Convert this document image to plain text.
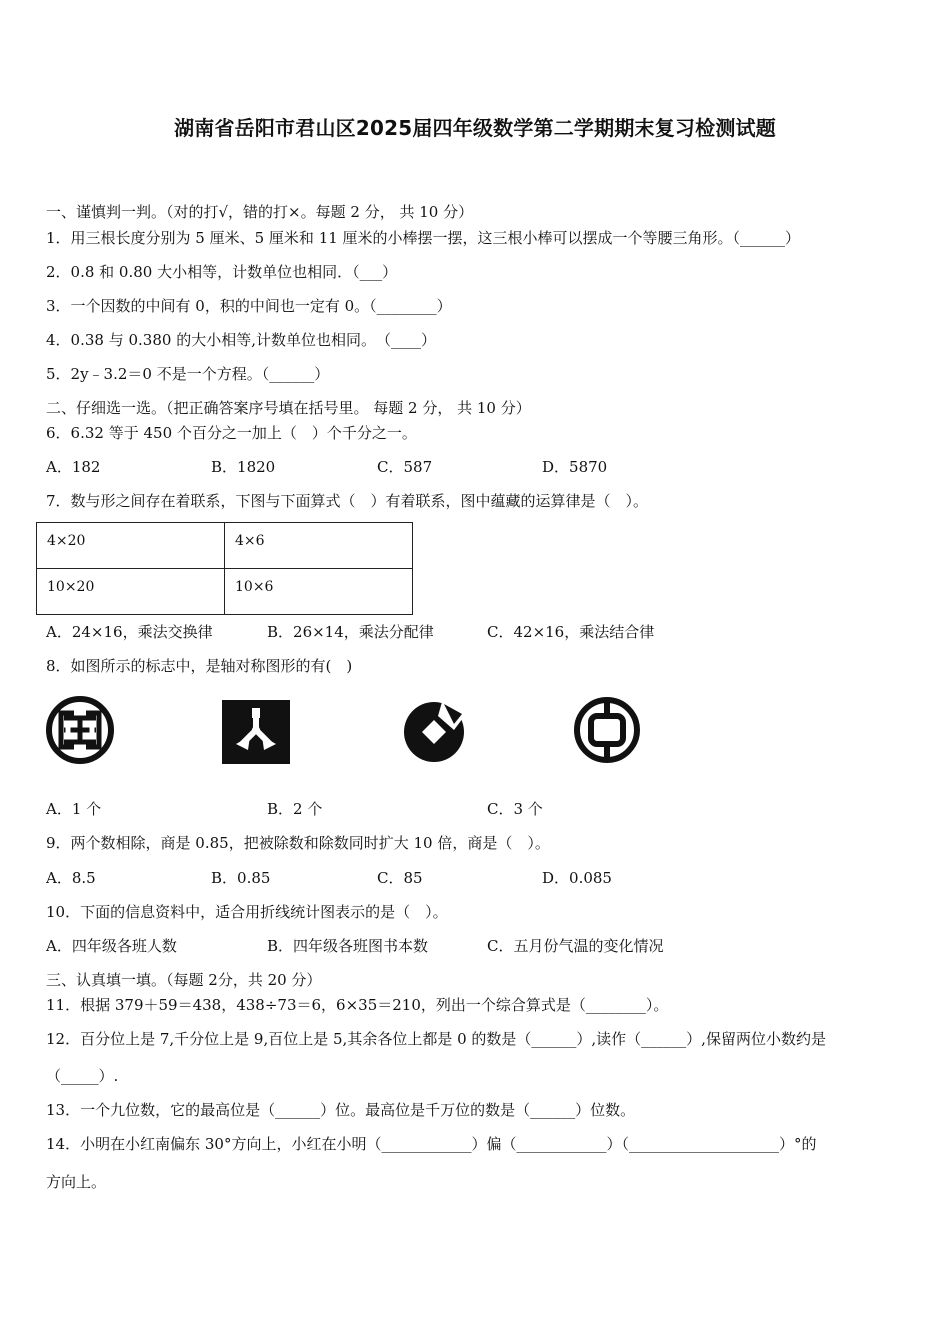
湖南省岳阳市君山区2025届四年级数学第二学期期末复习检测试题
一、谨慎判一判。（对的打√，错的打×。每题 2 分， 共 10 分）
1．用三根长度分别为 5 厘米、5 厘米和 11 厘米的小棒摆一摆，这三根小棒可以摆成一个等腰三角形。（______）
2．0.8 和 0.80 大小相等，计数单位也相同．（___）
3．一个因数的中间有 0，积的中间也一定有 0。（________）
4．0.38 与 0.380 的大小相等,计数单位也相同。　（____）
5．2y﹣3.2＝0 不是一个方程。（______）
二、仔细选一选。（把正确答案序号填在括号里。 每题 2 分， 共 10 分）
6．6.32 等于 450 个百分之一加上（　）个千分之一。
A．182	B．1820	C．587	D．5870
7．数与形之间存在着联系，下图与下面算式（　）有着联系，图中蕴藏的运算律是（　）。
4×20	4×6
10×20	10×6
A．24×16，乘法交换律	B．26×14，乘法分配律	C．42×16，乘法结合律
8．如图所示的标志中，是轴对称图形的有(　)
A．1 个	B．2 个	C．3 个
9．两个数相除，商是 0.85，把被除数和除数同时扩大 10 倍，商是（　）。
A．8.5	B．0.85	C．85	D．0.085
10．下面的信息资料中，适合用折线统计图表示的是（　）。
A．四年级各班人数	B．四年级各班图书本数	C．五月份气温的变化情况
三、认真填一填。（每题 2分，共 20 分）
11．根据 379＋59＝438，438÷73＝6，6×35＝210，列出一个综合算式是（________）。
12．百分位上是 7,千分位上是 9,百位上是 5,其余各位上都是 0 的数是（______）,读作（______）,保留两位小数约是
（_____）.
13．一个九位数，它的最高位是（______）位。最高位是千万位的数是（______）位数。
14．小明在小红南偏东 30°方向上，小红在小明（____________）偏（____________）（____________________）°的
方向上。
